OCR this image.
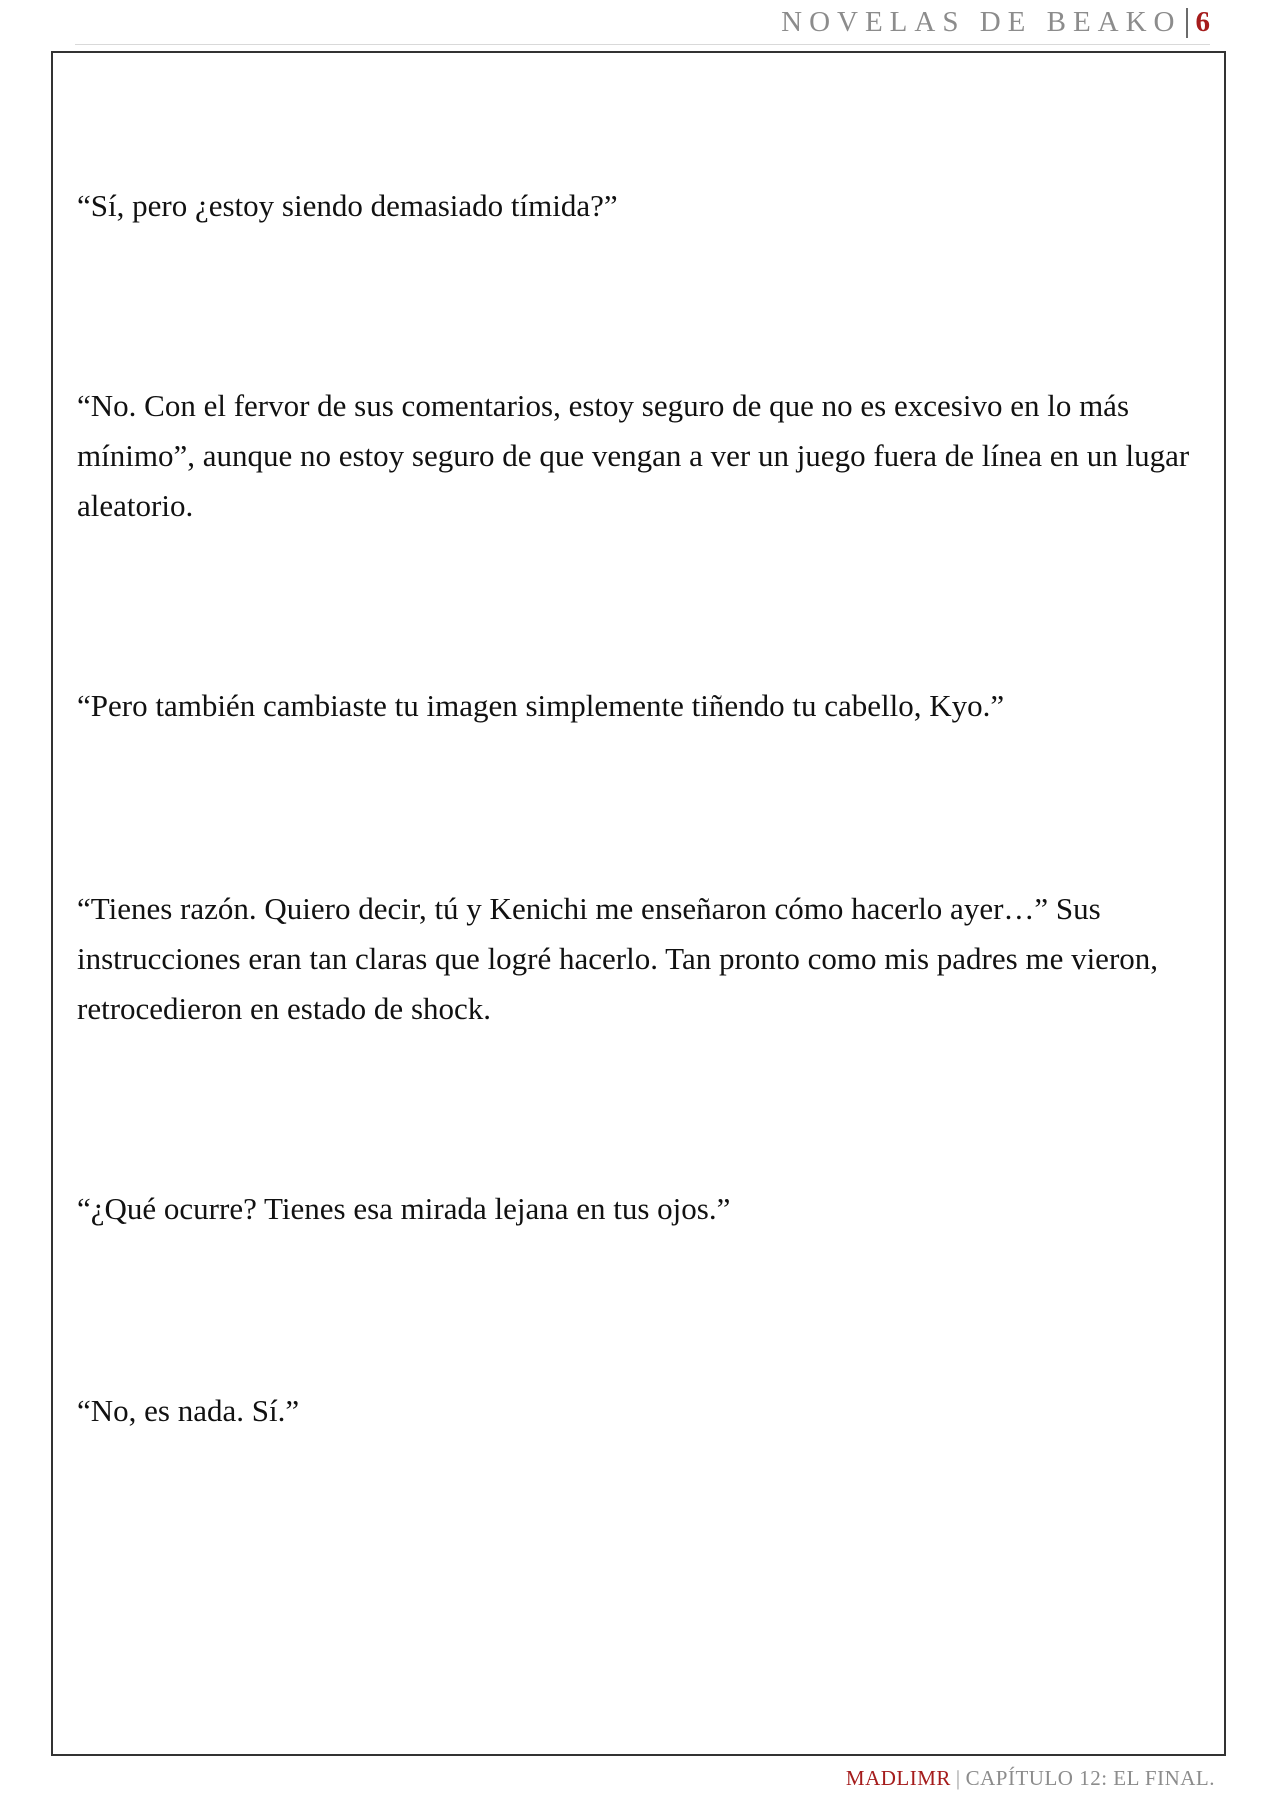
NOVELAS DE BEAKO 6

“Sí, pero ¿estoy siendo demasiado tímida?”

“No. Con el fervor de sus comentarios, estoy seguro de que no es excesivo en lo más mínimo”, aunque no estoy seguro de que vengan a ver un juego fuera de línea en un lugar aleatorio.

“Pero también cambiaste tu imagen simplemente tiñendo tu cabello, Kyo.”

“Tienes razón. Quiero decir, tú y Kenichi me enseñaron cómo hacerlo ayer…” Sus instrucciones eran tan claras que logré hacerlo. Tan pronto como mis padres me vieron, retrocedieron en estado de shock.

“¿Qué ocurre? Tienes esa mirada lejana en tus ojos.”

“No, es nada. Sí.”

MADLIMR | CAPÍTULO 12: EL FINAL.
